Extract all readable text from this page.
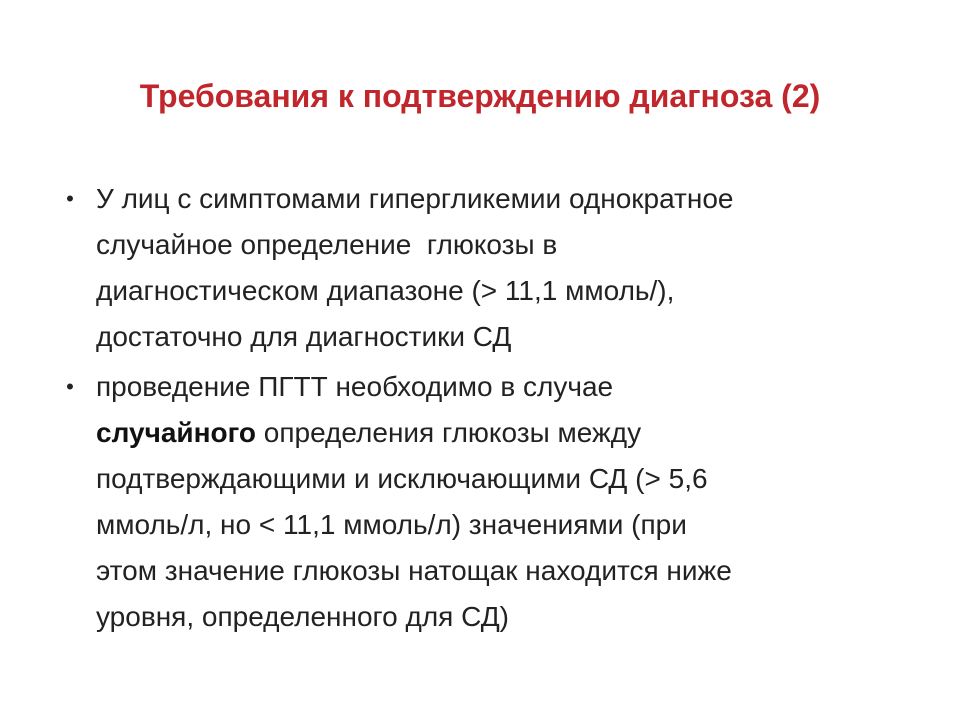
Требования к подтверждению диагноза (2)
• У лиц с симптомами гипергликемии однократное
случайное определение  глюкозы в
диагностическом диапазоне (> 11,1 ммоль/),
достаточно для диагностики СД
• проведение ПГТТ необходимо в случае
случайного определения глюкозы между
подтверждающими и исключающими СД (> 5,6
ммоль/л, но < 11,1 ммоль/л) значениями (при
этом значение глюкозы натощак находится ниже
уровня, определенного для СД)
